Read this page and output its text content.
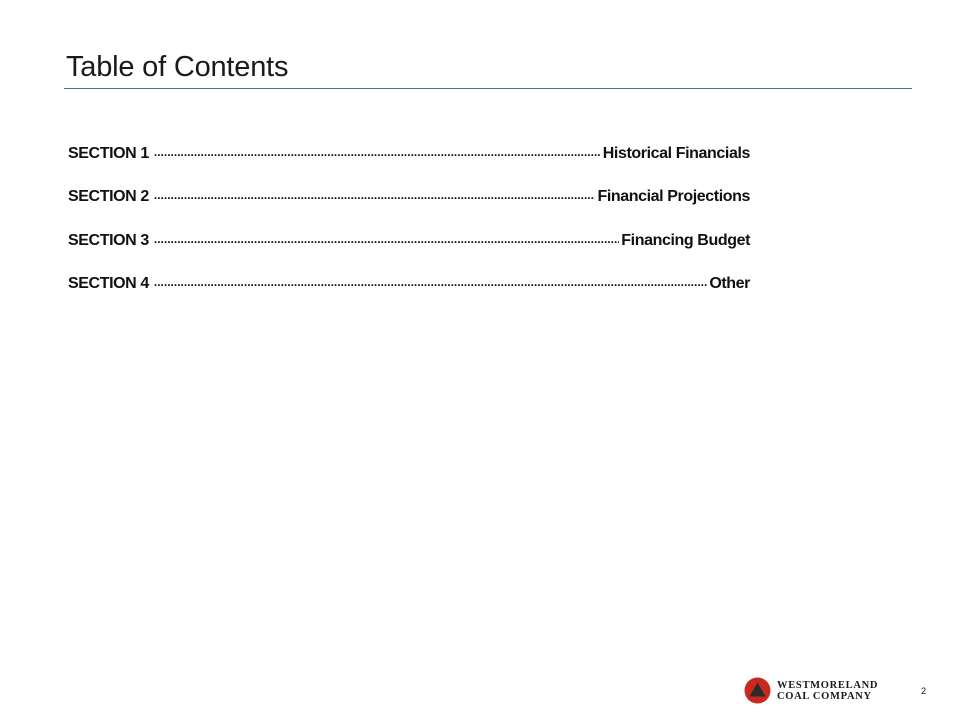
Table of Contents
SECTION 1 .....	Historical Financials
SECTION 2 .....	Financial Projections
SECTION 3 .....	Financing Budget
SECTION 4 .....	Other
WESTMORELAND
COAL COMPANY	2
